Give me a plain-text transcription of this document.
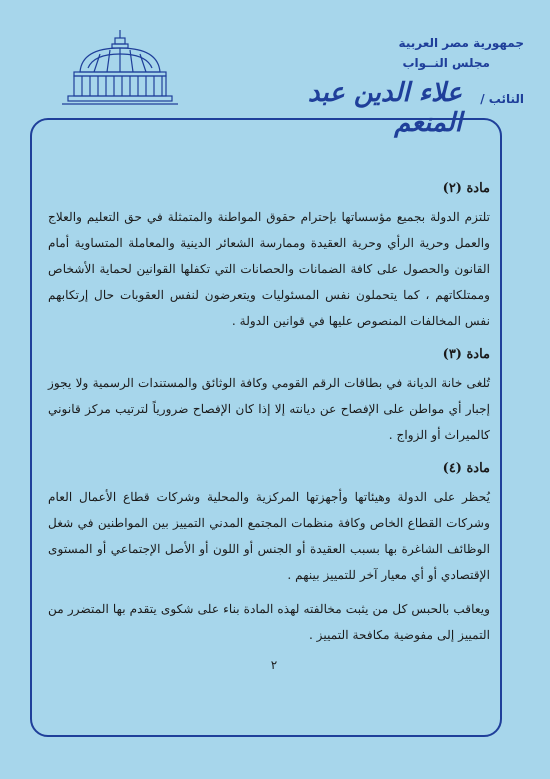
جمهورية مصر العربية
مجلس النــواب
علاء الدين عبد المنعم
النائب /

مادة (٢)

تلتزم الدولة بجميع مؤسساتها بإحترام حقوق المواطنة والمتمثلة في حق التعليم والعلاج والعمل وحرية الرأي وحرية العقيدة وممارسة الشعائر الدينية والمعاملة المتساوية أمام القانون والحصول على كافة الضمانات والحصانات التي تكفلها القوانين لحماية الأشخاص وممتلكاتهم ، كما يتحملون نفس المسئوليات ويتعرضون لنفس العقوبات حال إرتكابهم نفس المخالفات المنصوص عليها في قوانين الدولة .

مادة (٣)

تُلغى خانة الديانة في بطاقات الرقم القومي وكافة الوثائق والمستندات الرسمية ولا يجوز إجبار أي مواطن على الإفصاح عن ديانته إلا إذا كان الإفصاح ضرورياً لترتيب مركز قانوني كالميراث أو الزواج .

مادة (٤)

يُحظر على الدولة وهيئاتها وأجهزتها المركزية والمحلية وشركات قطاع الأعمال العام وشركات القطاع الخاص وكافة منظمات المجتمع المدني التمييز بين المواطنين في شغل الوظائف الشاغرة بها بسبب العقيدة أو الجنس أو اللون أو الأصل الإجتماعي أو المستوى الإقتصادي أو أي معيار آخر للتمييز بينهم .

ويعاقب بالحبس كل من يثبت مخالفته لهذه المادة بناء على شكوى يتقدم بها المتضرر من التمييز إلى مفوضية مكافحة التمييز .

٢
